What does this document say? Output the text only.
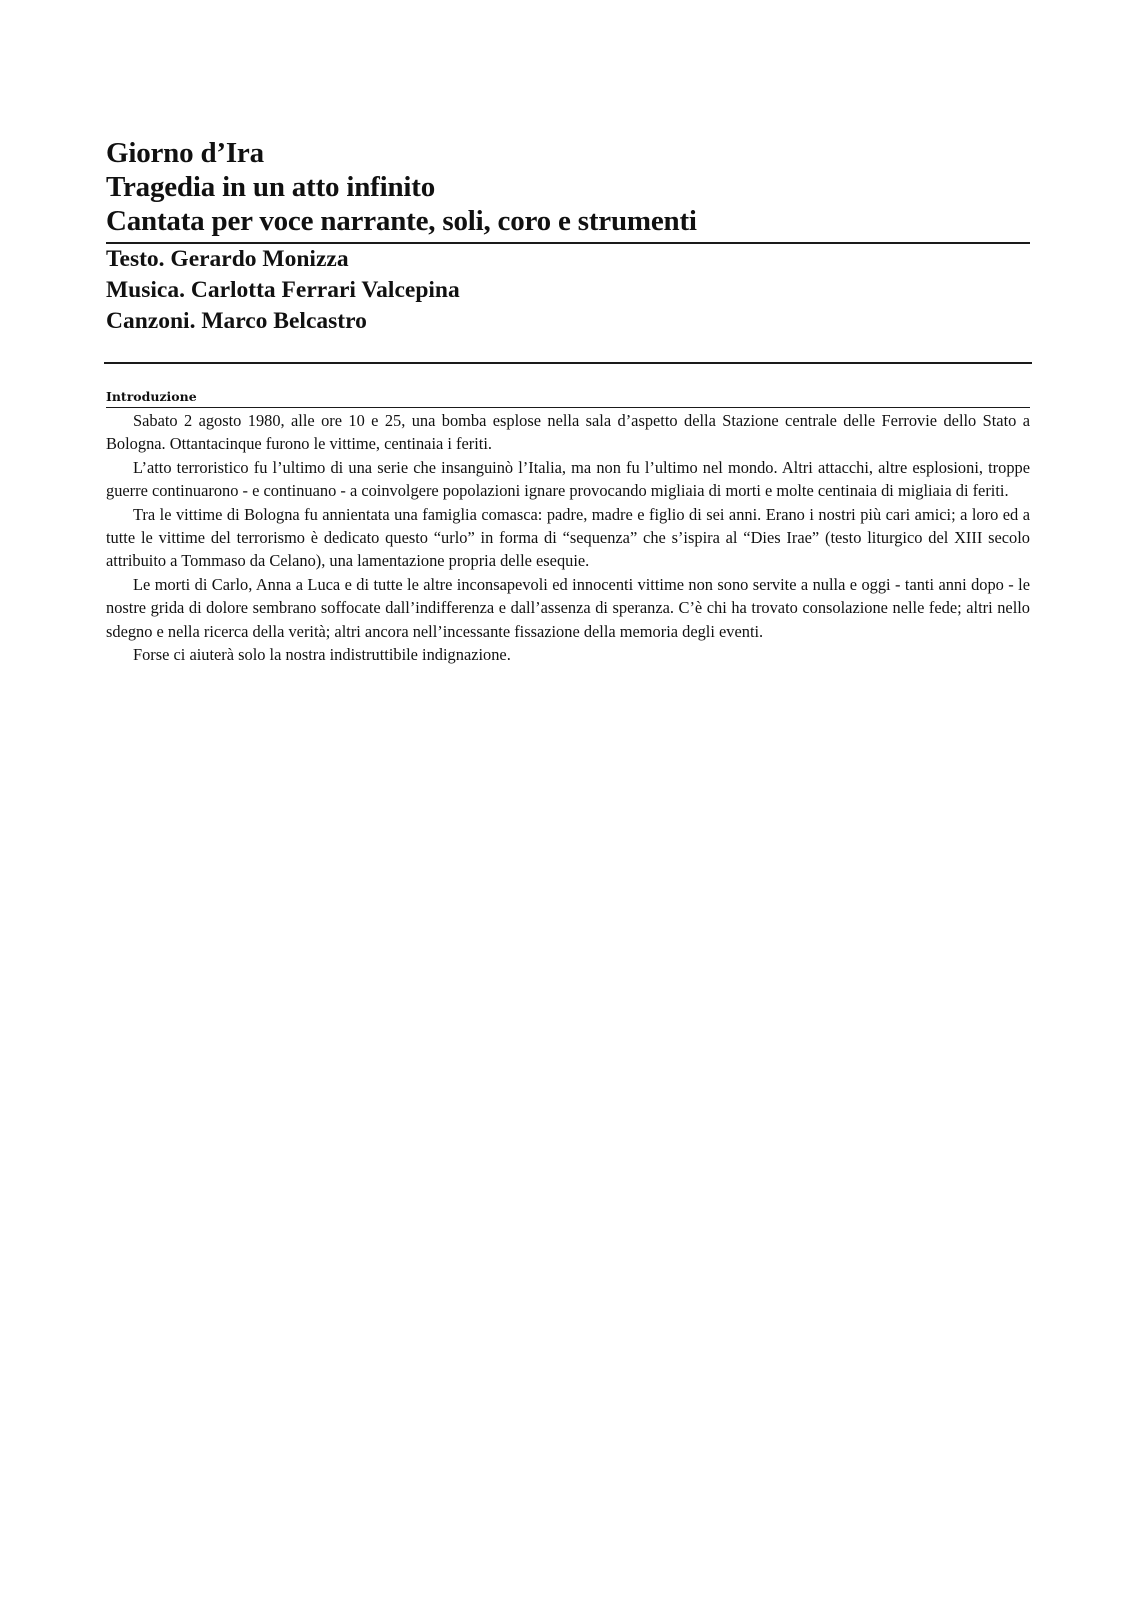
Giorno d’Ira

Tragedia in un atto infinito

Cantata per voce narrante, soli, coro e strumenti

Testo. Gerardo Monizza

Musica. Carlotta Ferrari Valcepina

Canzoni. Marco Belcastro

Introduzione

Sabato 2 agosto 1980, alle ore 10 e 25, una bomba esplose nella sala d’aspetto della Stazione centrale delle Ferrovie dello Stato a Bologna. Ottantacinque furono le vittime, centinaia i feriti.

L’atto terroristico fu l’ultimo di una serie che insanguinò l’Italia, ma non fu l’ultimo nel mondo. Altri attacchi, altre esplosioni, troppe guerre continuarono - e continuano - a coinvolgere popolazioni ignare provocando migliaia di morti e molte centinaia di migliaia di feriti.

Tra le vittime di Bologna fu annientata una famiglia comasca: padre, madre e figlio di sei anni. Erano i nostri più cari amici; a loro ed a tutte le vittime del terrorismo è dedicato questo “urlo” in forma di “sequenza” che s’ispira al “Dies Irae” (testo liturgico del XIII secolo attribuito a Tommaso da Celano), una lamentazione propria delle esequie.

Le morti di Carlo, Anna a Luca e di tutte le altre inconsapevoli ed innocenti vittime non sono servite a nulla e oggi - tanti anni dopo - le nostre grida di dolore sembrano soffocate dall’indifferenza e dall’assenza di speranza. C’è chi ha trovato consolazione nelle fede; altri nello sdegno e nella ricerca della verità; altri ancora nell’incessante fissazione della memoria degli eventi.

Forse ci aiuterà solo la nostra indistruttibile indignazione.
